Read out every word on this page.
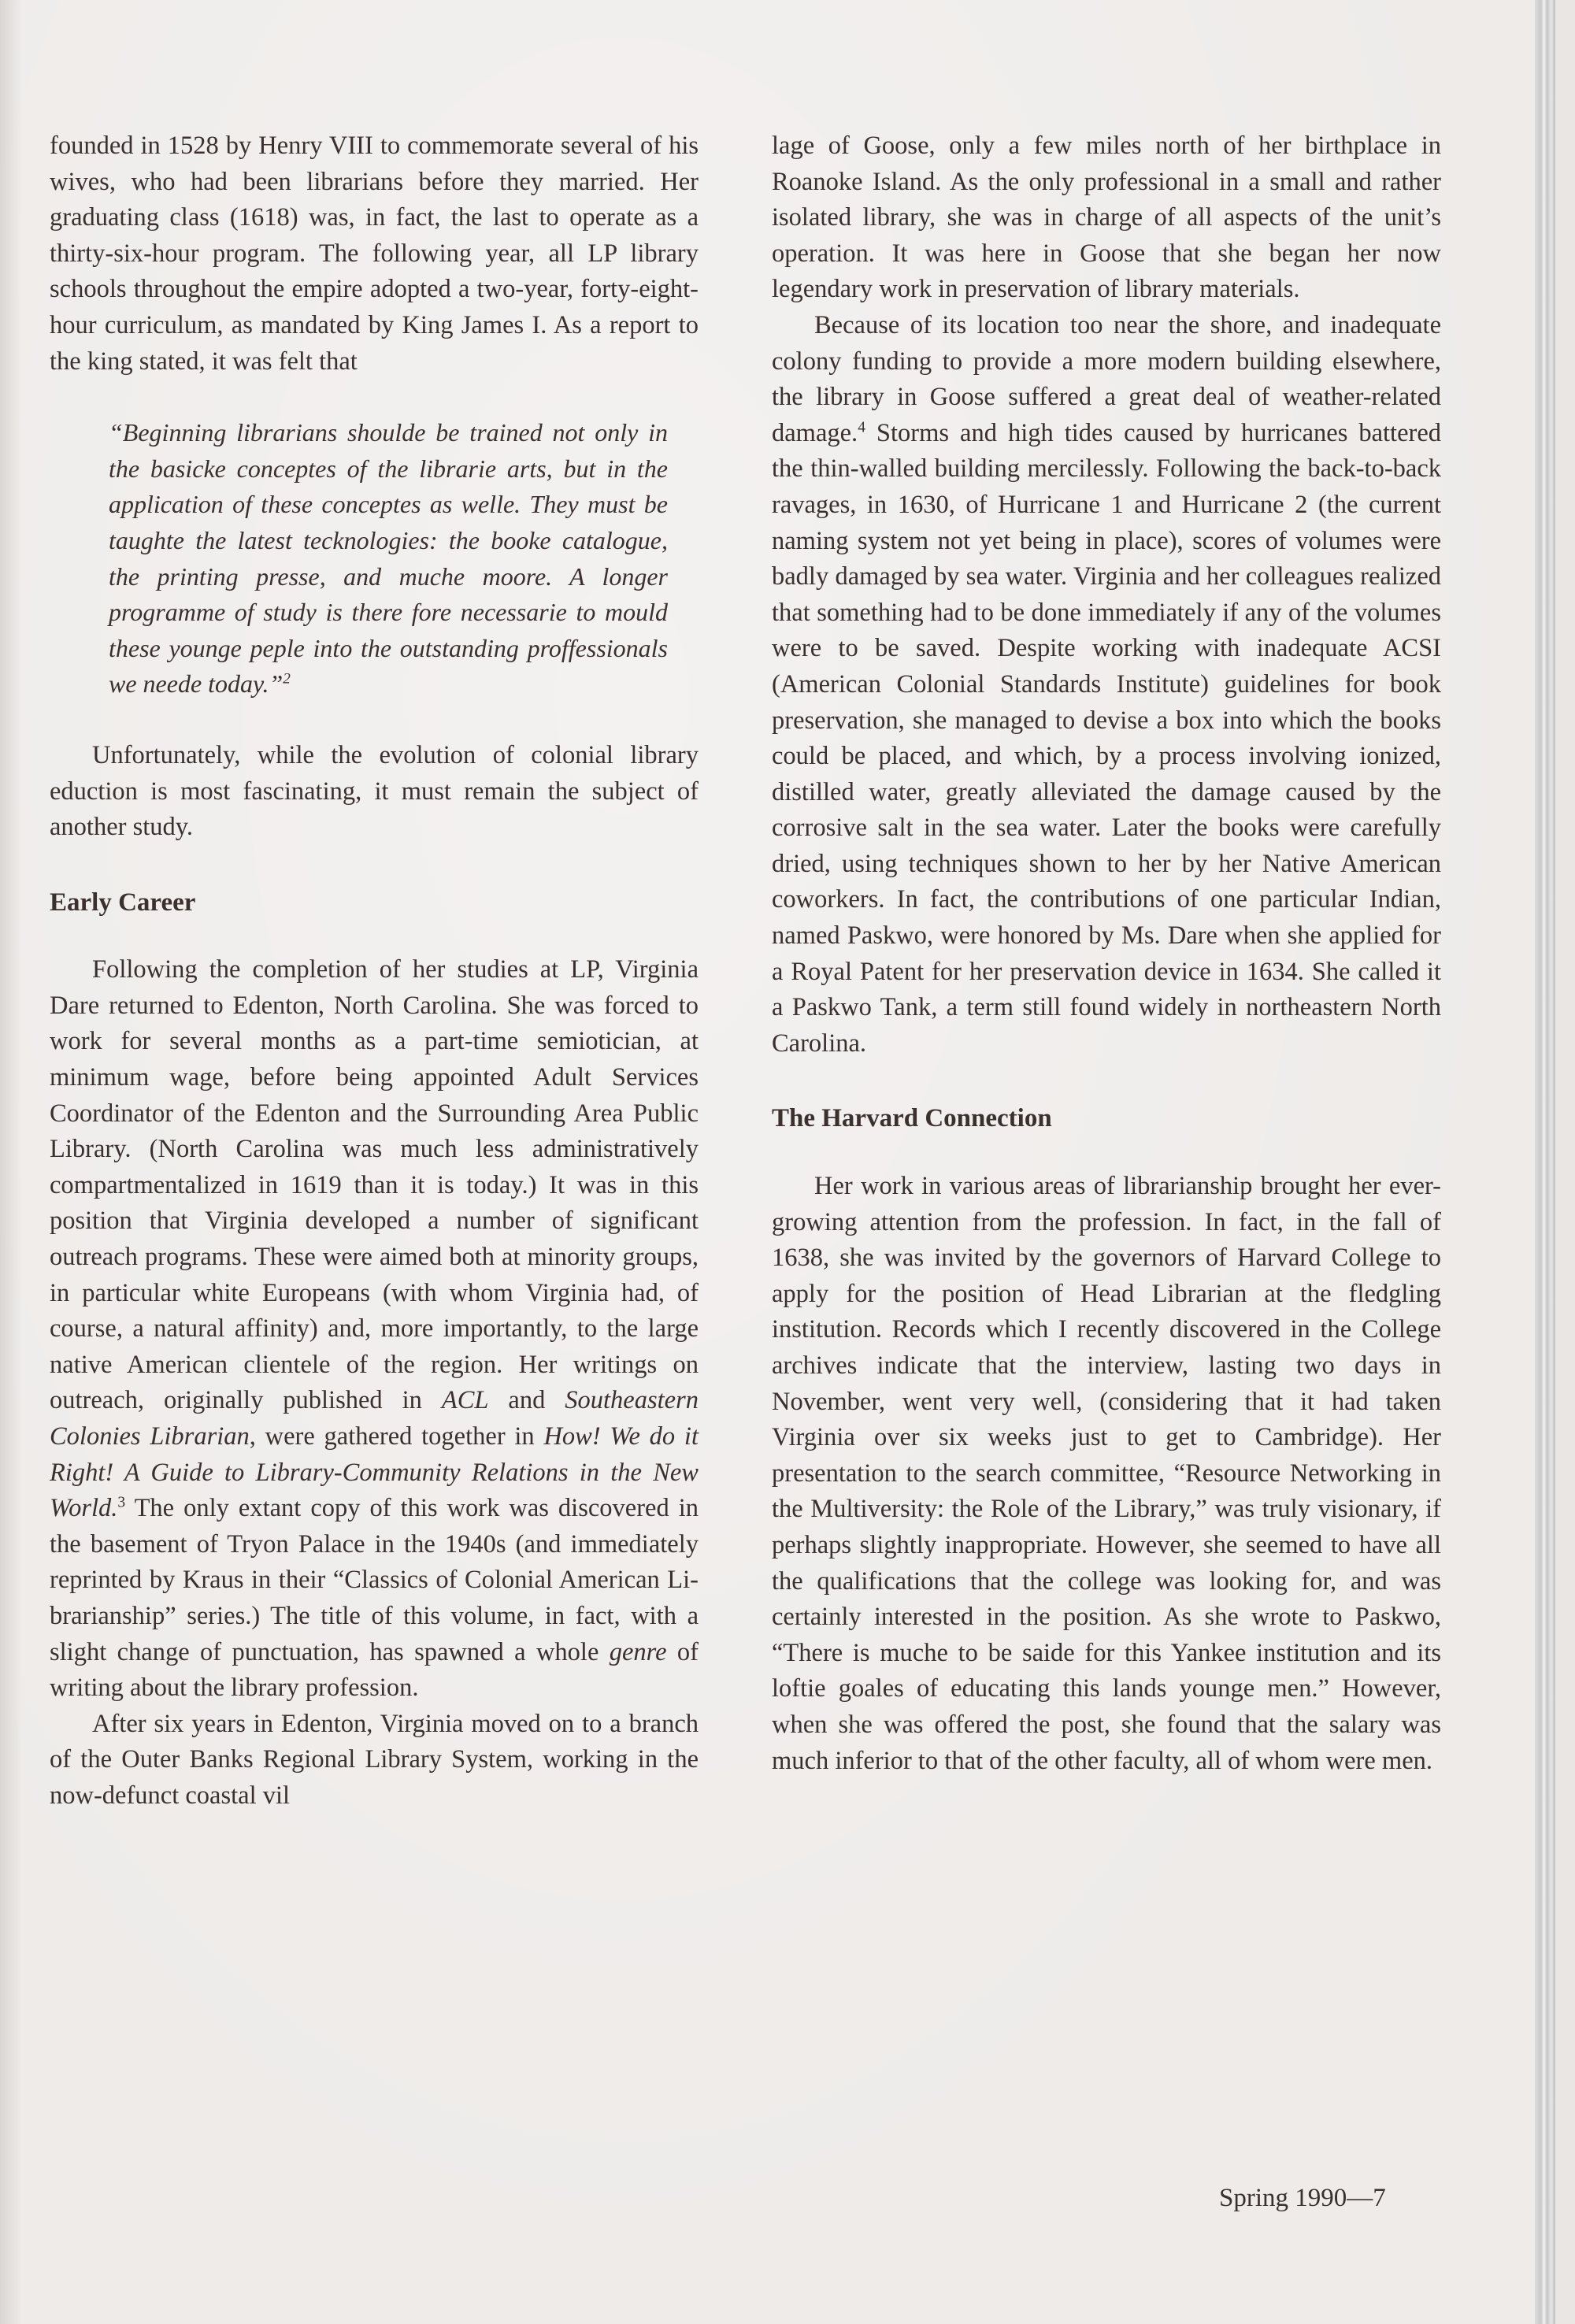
founded in 1528 by Henry VIII to commemorate several of his wives, who had been librarians before they married. Her graduating class (1618) was, in fact, the last to operate as a thirty-six-hour program. The following year, all LP library schools throughout the empire adopted a two-year, forty-eight-hour curriculum, as mandated by King James I. As a report to the king stated, it was felt that

“Beginning librarians shoulde be trained not only in the basicke conceptes of the librarie arts, but in the application of these conceptes as welle. They must be taughte the latest tecknologies: the booke catalogue, the printing presse, and muche moore. A longer programme of study is there fore necessarie to mould these younge peple into the outstanding proffessionals we neede today.”$^2$

Unfortunately, while the evolution of colonial library eduction is most fascinating, it must remain the subject of another study.

Early Career

Following the completion of her studies at LP, Virginia Dare returned to Edenton, North Carolina. She was forced to work for several months as a part-time semiotician, at minimum wage, before being appointed Adult Services Coordinator of the Edenton and the Surrounding Area Public Library. (North Carolina was much less administratively compartmentalized in 1619 than it is today.) It was in this position that Virginia developed a number of significant outreach programs. These were aimed both at minority groups, in particular white Europeans (with whom Virginia had, of course, a natural affinity) and, more importantly, to the large native American clientele of the region. Her writings on outreach, originally published in ACL and Southeastern Colonies Librarian, were gathered together in How! We do it Right! A Guide to Library-Community Relations in the New World.$^3$ The only extant copy of this work was discovered in the basement of Tryon Palace in the 1940s (and immediately reprinted by Kraus in their “Classics of Colonial American Librarianship” series.) The title of this volume, in fact, with a slight change of punctuation, has spawned a whole genre of writing about the library profession.

After six years in Edenton, Virginia moved on to a branch of the Outer Banks Regional Library System, working in the now-defunct coastal vil

lage of Goose, only a few miles north of her birthplace in Roanoke Island. As the only professional in a small and rather isolated library, she was in charge of all aspects of the unit’s operation. It was here in Goose that she began her now legendary work in preservation of library materials.

Because of its location too near the shore, and inadequate colony funding to provide a more modern building elsewhere, the library in Goose suffered a great deal of weather-related damage.$^4$ Storms and high tides caused by hurricanes battered the thin-walled building mercilessly. Following the back-to-back ravages, in 1630, of Hurricane 1 and Hurricane 2 (the current naming system not yet being in place), scores of volumes were badly damaged by sea water. Virginia and her colleagues realized that something had to be done immediately if any of the volumes were to be saved. Despite working with inadequate ACSI (American Colonial Standards Institute) guidelines for book preservation, she managed to devise a box into which the books could be placed, and which, by a process involving ionized, distilled water, greatly alleviated the damage caused by the corrosive salt in the sea water. Later the books were carefully dried, using techniques shown to her by her Native American coworkers. In fact, the contributions of one particular Indian, named Paskwo, were honored by Ms. Dare when she applied for a Royal Patent for her preservation device in 1634. She called it a Paskwo Tank, a term still found widely in northeastern North Carolina.

The Harvard Connection

Her work in various areas of librarianship brought her ever-growing attention from the profession. In fact, in the fall of 1638, she was invited by the governors of Harvard College to apply for the position of Head Librarian at the fledgling institution. Records which I recently discovered in the College archives indicate that the interview, lasting two days in November, went very well, (considering that it had taken Virginia over six weeks just to get to Cambridge). Her presentation to the search committee, “Resource Networking in the Multiversity: the Role of the Library,” was truly visionary, if perhaps slightly inappropriate. However, she seemed to have all the qualifications that the college was looking for, and was certainly interested in the position. As she wrote to Paskwo, “There is muche to be saide for this Yankee institution and its loftie goales of educating this lands younge men.” However, when she was offered the post, she found that the salary was much inferior to that of the other faculty, all of whom were men.

Spring 1990—7
